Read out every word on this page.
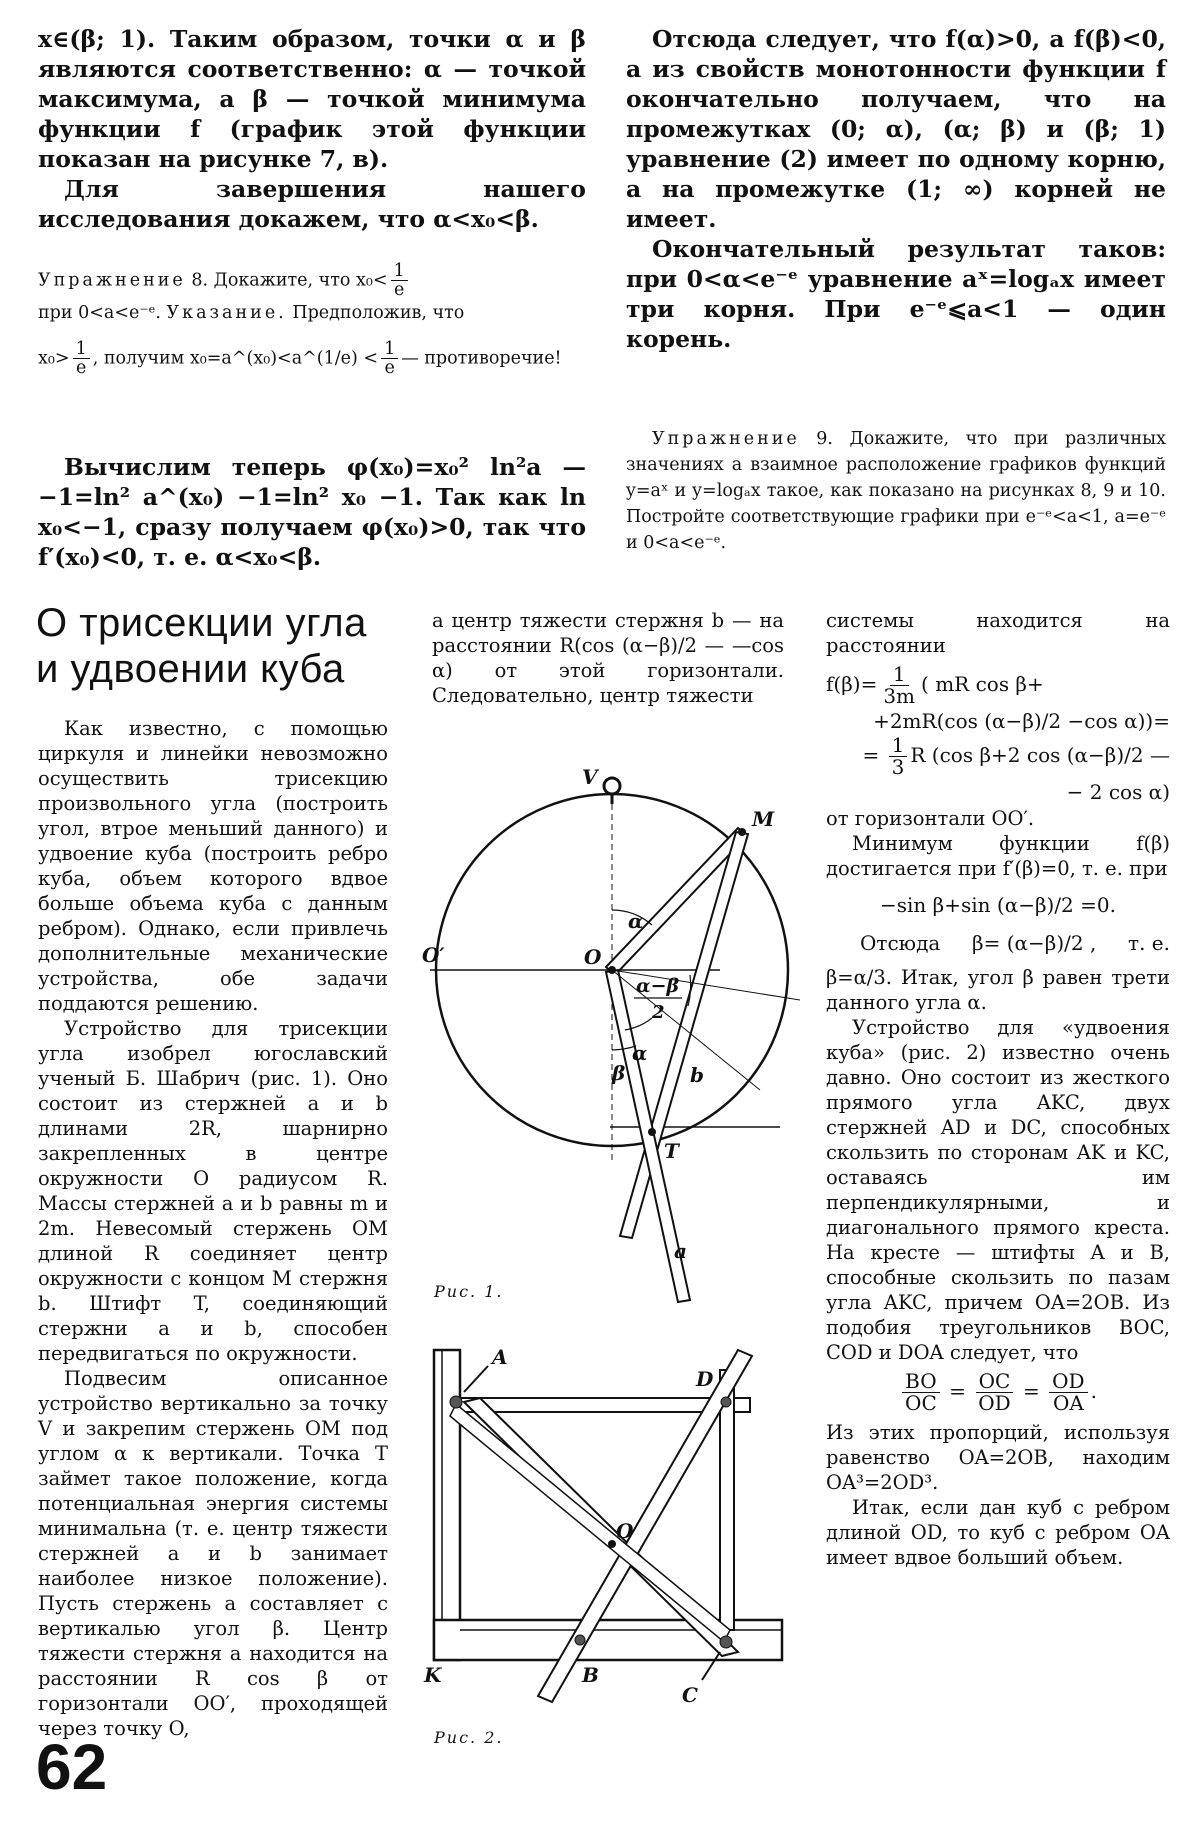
x∈(β; 1). Таким образом, точки α и β являются соответственно: α — точкой максимума, а β — точкой минимума функции f (график этой функции показан на рисунке 7, в).

Для завершения нашего исследования докажем, что α<x₀<β.

Упражнение 8. Докажите, что $x_0< \frac{1}{e}$

при 0<a<e⁻ᵉ. Указание. Предположив, что

$x_0> \frac{1}{e}$ , получим x₀=a^(x₀)<a^(1/e) < $\frac{1}{e}$ — противоречие!

Вычислим теперь φ(x₀)=x₀² ln²a — −1=ln² a^(x₀) −1=ln² x₀ −1. Так как ln x₀<−1, сразу получаем φ(x₀)>0, так что f′(x₀)<0, т. е. α<x₀<β.

Отсюда следует, что f(α)>0, а f(β)<0, а из свойств монотонности функции f окончательно получаем, что на промежутках (0; α), (α; β) и (β; 1) уравнение (2) имеет по одному корню, а на промежутке (1; ∞) корней не имеет.

Окончательный результат таков: при 0<α<e⁻ᵉ уравнение aˣ=logₐx имеет три корня. При e⁻ᵉ⩽a<1 — один корень.

Упражнение 9. Докажите, что при различных значениях a взаимное расположение графиков функций y=aˣ и y=logₐx такое, как показано на рисунках 8, 9 и 10. Постройте соответствующие графики при e⁻ᵉ<a<1, a=e⁻ᵉ и 0<a<e⁻ᵉ.

О трисекции угла
и удвоении куба

Как известно, с помощью циркуля и линейки невозможно осуществить трисекцию произвольного угла (построить угол, втрое меньший данного) и удвоение куба (построить ребро куба, объем которого вдвое больше объема куба с данным ребром). Однако, если привлечь дополнительные механические устройства, обе задачи поддаются решению.

Устройство для трисекции угла изобрел югославский ученый Б. Шабрич (рис. 1). Оно состоит из стержней a и b длинами 2R, шарнирно закрепленных в центре окружности O радиусом R. Массы стержней a и b равны m и 2m. Невесомый стержень OM длиной R соединяет центр окружности с концом M стержня b. Штифт T, соединяющий стержни a и b, способен передвигаться по окружности.

Подвесим описанное устройство вертикально за точку V и закрепим стержень OM под углом α к вертикали. Точка T займет такое положение, когда потенциальная энергия системы минимальна (т. е. центр тяжести стержней a и b занимает наиболее низкое положение). Пусть стержень a составляет с вертикалью угол β. Центр тяжести стержня a находится на расстоянии R cos β от горизонтали OO′, проходящей через точку O,

а центр тяжести стержня b — на расстоянии R(cos (α−β)/2 — —cos α) от этой горизонтали. Следовательно, центр тяжести

V
M
O
O′
T
a
b
α
α
β
α−β
2
Рис. 1.
A
D
O
K	B
C
Рис. 2.

системы находится на расстоянии

$f(\beta)= \frac{1}{3m}$ ( mR cos β+
+2mR(cos (α−β)/2 −cos α))=
= $\frac{1}{3}$ R (cos β+2 cos (α−β)/2 —
− 2 cos α)

от горизонтали OO′.

Минимум функции f(β) достигается при f′(β)=0, т. е. при

−sin β+sin (α−β)/2 =0.
Отсюда β= (α−β)/2 , т. е.

β=α/3. Итак, угол β равен трети данного угла α.

Устройство для «удвоения куба» (рис. 2) известно очень давно. Оно состоит из жесткого прямого угла AKC, двух стержней AD и DC, способных скользить по сторонам AK и KC, оставаясь им перпендикулярными, и диагонального прямого креста. На кресте — штифты A и B, способные скользить по пазам угла AKC, причем OA=2OB. Из подобия треугольников BOC, COD и DOA следует, что

$\frac{BO}{OC} = \frac{OC}{OD} = \frac{OD}{OA}$ .

Из этих пропорций, используя равенство OA=2OB, находим OA³=2OD³.

Итак, если дан куб с ребром длиной OD, то куб с ребром OA имеет вдвое больший объем.

62
